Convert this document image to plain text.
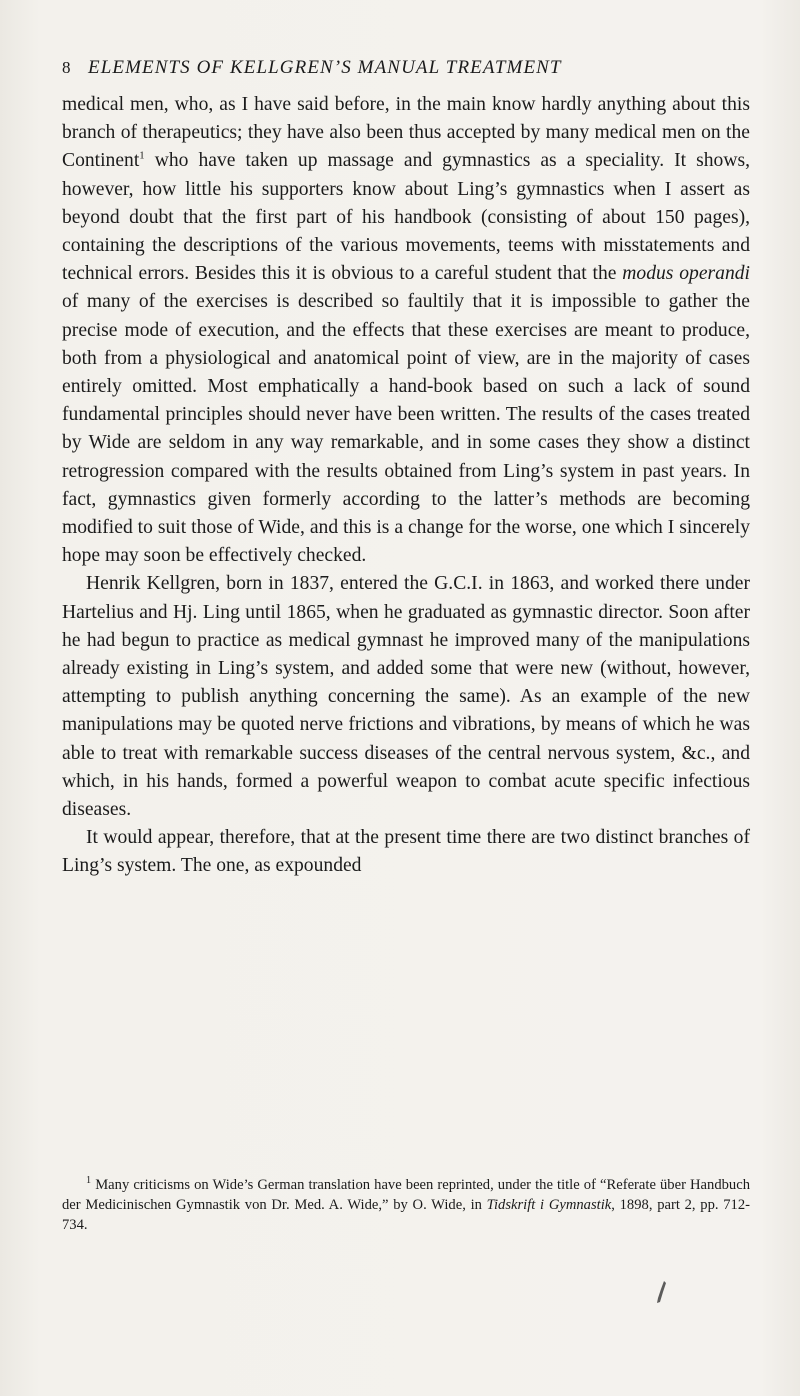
8 ELEMENTS OF KELLGREN’S MANUAL TREATMENT

medical men, who, as I have said before, in the main know hardly anything about this branch of therapeutics; they have also been thus accepted by many medical men on the Continent$^1$ who have taken up massage and gymnastics as a speciality. It shows, however, how little his supporters know about Ling’s gymnastics when I assert as beyond doubt that the first part of his handbook (consisting of about 150 pages), containing the descriptions of the various movements, teems with misstatements and technical errors. Besides this it is obvious to a careful student that the modus operandi of many of the exercises is described so faultily that it is impossible to gather the precise mode of execution, and the effects that these exercises are meant to produce, both from a physiological and anatomical point of view, are in the majority of cases entirely omitted. Most emphatically a hand-book based on such a lack of sound fundamental principles should never have been written. The results of the cases treated by Wide are seldom in any way remarkable, and in some cases they show a distinct retrogression compared with the results obtained from Ling’s system in past years. In fact, gymnastics given formerly according to the latter’s methods are becoming modified to suit those of Wide, and this is a change for the worse, one which I sincerely hope may soon be effectively checked.

Henrik Kellgren, born in 1837, entered the G.C.I. in 1863, and worked there under Hartelius and Hj. Ling until 1865, when he graduated as gymnastic director. Soon after he had begun to practice as medical gymnast he improved many of the manipulations already existing in Ling’s system, and added some that were new (without, however, attempting to publish anything concerning the same). As an example of the new manipulations may be quoted nerve frictions and vibrations, by means of which he was able to treat with remarkable success diseases of the central nervous system, &c., and which, in his hands, formed a powerful weapon to combat acute specific infectious diseases.

It would appear, therefore, that at the present time there are two distinct branches of Ling’s system. The one, as expounded

$^1$ Many criticisms on Wide’s German translation have been reprinted, under the title of “Referate über Handbuch der Medicinischen Gymnastik von Dr. Med. A. Wide,” by O. Wide, in Tidskrift i Gymnastik, 1898, part 2, pp. 712-734.
